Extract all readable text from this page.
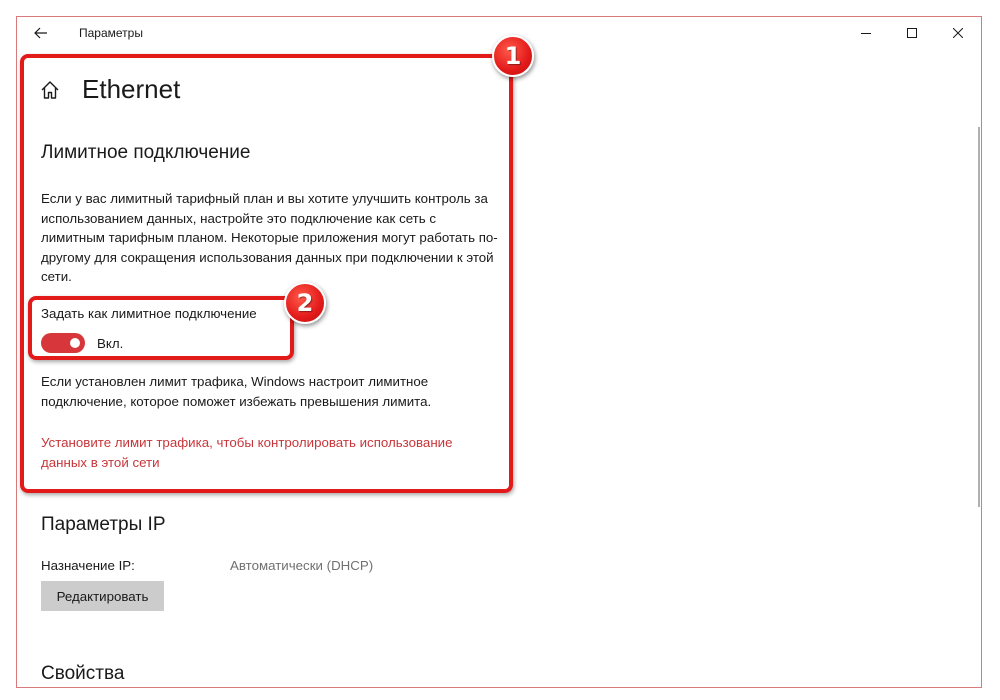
Параметры
Ethernet
Лимитное подключение
Если у вас лимитный тарифный план и вы хотите улучшить контроль за использованием данных, настройте это подключение как сеть с лимитным тарифным планом. Некоторые приложения могут работать по-другому для сокращения использования данных при подключении к этой сети.
Задать как лимитное подключение
Вкл.
Если установлен лимит трафика, Windows настроит лимитное подключение, которое поможет избежать превышения лимита.
Установите лимит трафика, чтобы контролировать использование данных в этой сети
Параметры IP
Назначение IP:	Автоматически (DHCP)
Редактировать
Свойства
1
2
